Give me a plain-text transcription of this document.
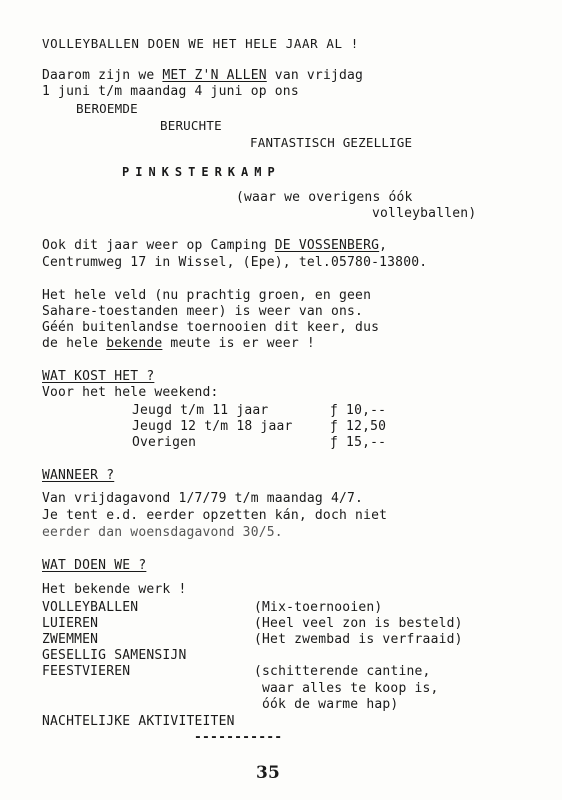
VOLLEYBALLEN DOEN WE HET HELE JAAR AL !
Daarom zijn we MET Z'N ALLEN van vrijdag
1 juni t/m maandag 4 juni op ons
BEROEMDE
BERUCHTE
FANTASTISCH GEZELLIGE
PINKSTERKAMP
(waar we overigens óók
volleyballen)
Ook dit jaar weer op Camping DE VOSSENBERG,
Centrumweg 17 in Wissel, (Epe), tel.05780-13800.
Het hele veld (nu prachtig groen, en geen
Sahare-toestanden meer) is weer van ons.
Géén buitenlandse toernooien dit keer, dus
de hele bekende meute is er weer !
WAT KOST HET ?
Voor het hele weekend:
Jeugd t/m 11 jaar	ƒ 10,--
Jeugd 12 t/m 18 jaar	ƒ 12,50
Overigen	ƒ 15,--
WANNEER ?
Van vrijdagavond 1/7/79 t/m maandag 4/7.
Je tent e.d. eerder opzetten kán, doch niet
eerder dan woensdagavond 30/5.
WAT DOEN WE ?
Het bekende werk !
VOLLEYBALLEN	(Mix-toernooien)
LUIEREN	(Heel veel zon is besteld)
ZWEMMEN	(Het zwembad is verfraaid)
GESELLIG SAMENSIJN
FEESTVIEREN	(schitterende cantine,
waar alles te koop is,
óók de warme hap)
NACHTELIJKE AKTIVITEITEN
-----------
35
